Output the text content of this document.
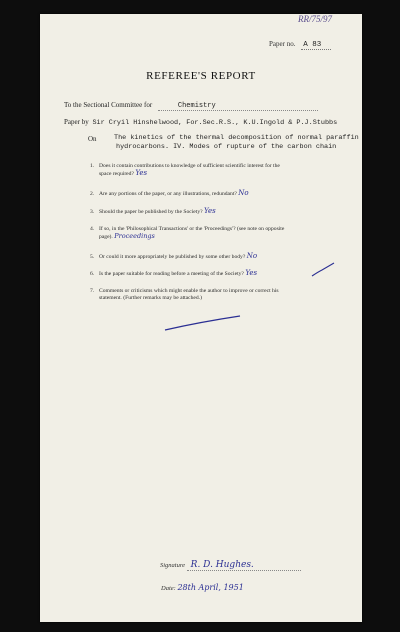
RR/75/97
Paper no. A 83
REFEREE'S REPORT
To the Sectional Committee for	Chemistry
Paper by Sir Cryil Hinshelwood, For.Sec.R.S., K.U.Ingold & P.J.Stubbs
On	The kinetics of the thermal decomposition of normal paraffin
hydrocarbons. IV. Modes of rupture of the carbon chain
1. Does it contain contributions to knowledge of sufficient scientific interest for the
space required? Yes
2. Are any portions of the paper, or any illustrations, redundant? No
3. Should the paper be published by the Society? Yes
4. If so, in the 'Philosophical Transactions' or the 'Proceedings'? (see note on opposite
page). Proceedings
5. Or could it more appropriately be published by some other body? No
6. Is the paper suitable for reading before a meeting of the Society? Yes
7. Comments or criticisms which might enable the author to improve or correct his
statement. (Further remarks may be attached.)
Signature R. D. Hughes.
Date: 28th April, 1951
